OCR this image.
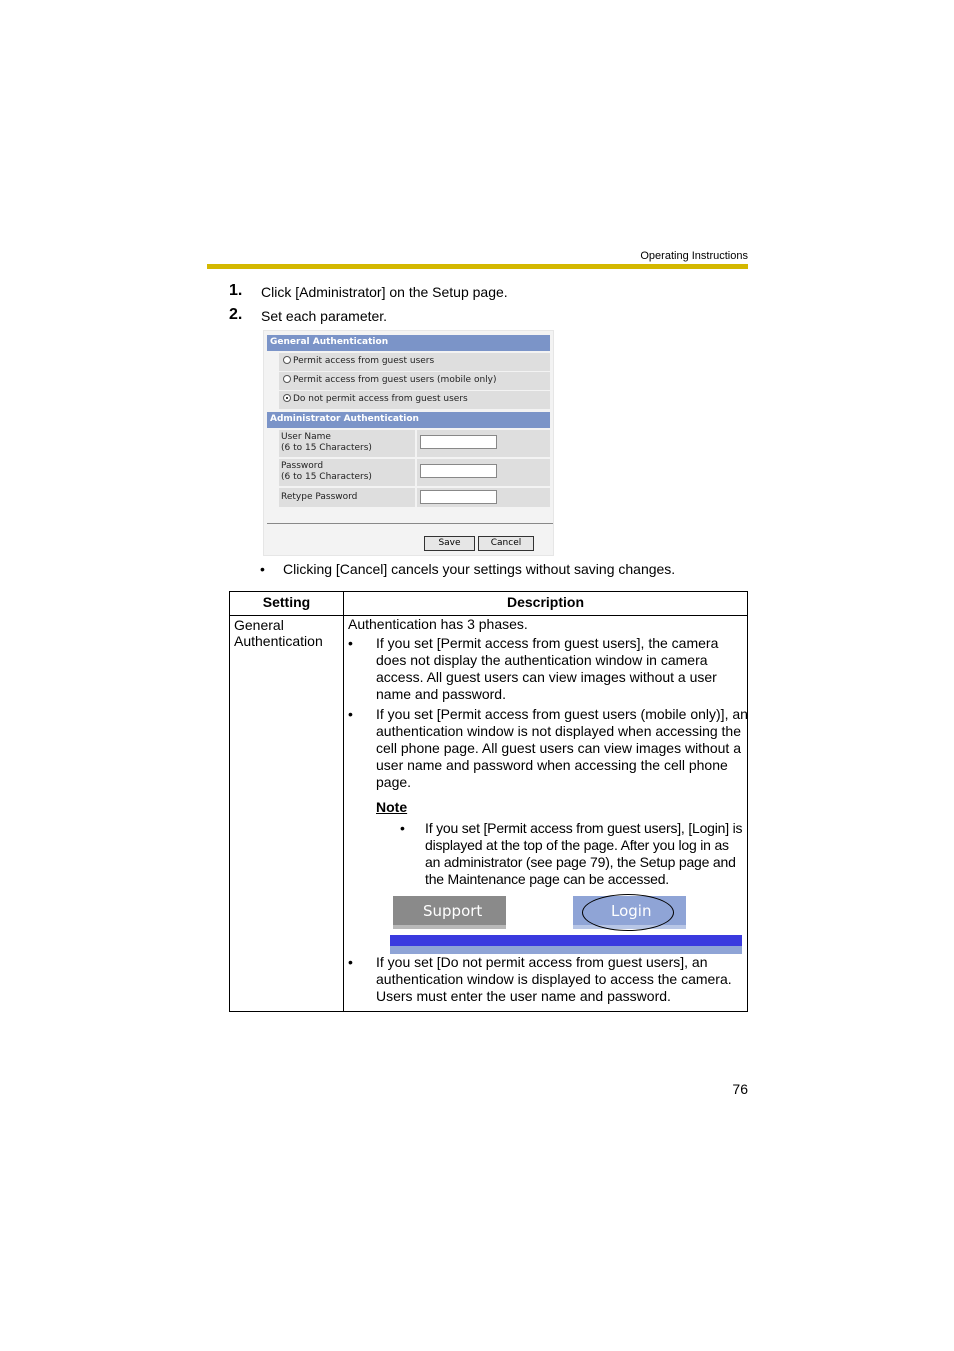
Operating Instructions
1. Click [Administrator] on the Setup page.
2. Set each parameter.
General Authentication
Permit access from guest users
Permit access from guest users (mobile only)
Do not permit access from guest users
Administrator Authentication
User Name
(6 to 15 Characters)
Password
(6 to 15 Characters)
Retype Password
Save	Cancel
• Clicking [Cancel] cancels your settings without saving changes.
Setting	Description
General Authentication
Authentication has 3 phases.
• If you set [Permit access from guest users], the camera does not display the authentication window in camera access. All guest users can view images without a user name and password.
• If you set [Permit access from guest users (mobile only)], an authentication window is not displayed when accessing the cell phone page. All guest users can view images without a user name and password when accessing the cell phone page.
Note
• If you set [Permit access from guest users], [Login] is displayed at the top of the page. After you log in as an administrator (see page 79), the Setup page and the Maintenance page can be accessed.
Support	Login
• If you set [Do not permit access from guest users], an authentication window is displayed to access the camera. Users must enter the user name and password.
76
